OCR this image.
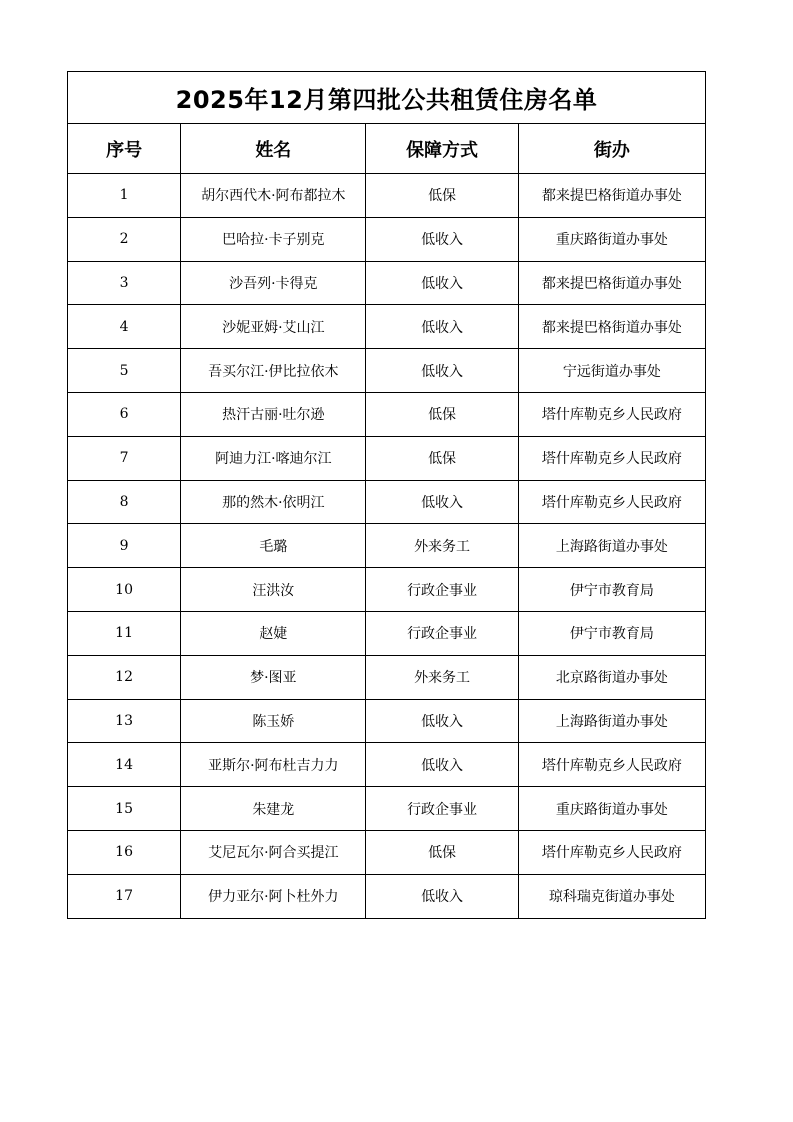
2025年12月第四批公共租赁住房名单			
序号	姓名	保障方式	街办
1	胡尔西代木·阿布都拉木	低保	都来提巴格街道办事处
2	巴哈拉·卡子别克	低收入	重庆路街道办事处
3	沙吾列·卡得克	低收入	都来提巴格街道办事处
4	沙妮亚姆·艾山江	低收入	都来提巴格街道办事处
5	吾买尔江·伊比拉依木	低收入	宁远街道办事处
6	热汗古丽·吐尔逊	低保	塔什库勒克乡人民政府
7	阿迪力江·喀迪尔江	低保	塔什库勒克乡人民政府
8	那的然木·依明江	低收入	塔什库勒克乡人民政府
9	毛璐	外来务工	上海路街道办事处
10	汪洪汝	行政企事业	伊宁市教育局
11	赵婕	行政企事业	伊宁市教育局
12	梦·图亚	外来务工	北京路街道办事处
13	陈玉娇	低收入	上海路街道办事处
14	亚斯尔·阿布杜吉力力	低收入	塔什库勒克乡人民政府
15	朱建龙	行政企事业	重庆路街道办事处
16	艾尼瓦尔·阿合买提江	低保	塔什库勒克乡人民政府
17	伊力亚尔·阿卜杜外力	低收入	琼科瑞克街道办事处
